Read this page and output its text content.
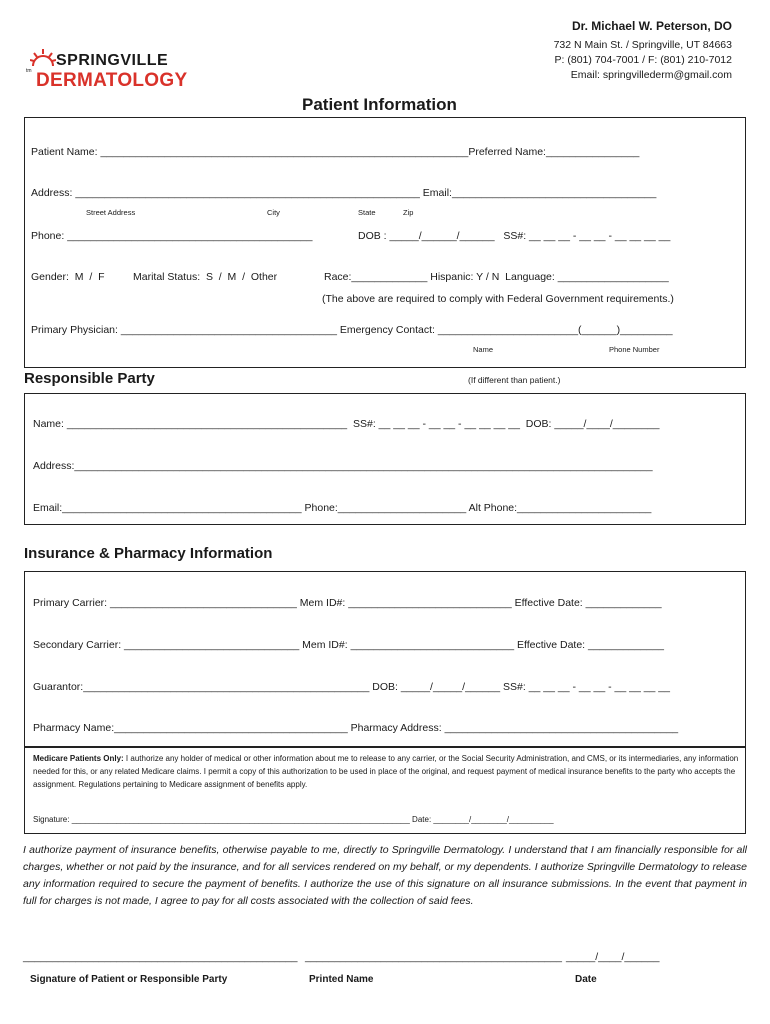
tm

SPRINGVILLE

DERMATOLOGY

Dr. Michael W. Peterson, DO
732 N Main St. / Springville, UT 84663
P: (801) 704-7001 / F: (801) 210-7012
Email: springvillederm@gmail.com
Patient Information
Patient Name: _______________________________________________________________Preferred Name:________________
Address: ___________________________________________________________ Email:___________________________________
Street Address	City	State	Zip
Phone: __________________________________________	DOB : _____/______/______   SS#: __ __ __ - __ __ - __ __ __ __
Gender:  M  /  F	Marital Status:  S  /  M  /  Other	Race:_____________ Hispanic: Y / N  Language: ___________________
(The above are required to comply with Federal Government requirements.)
Primary Physician: _____________________________________ Emergency Contact: ________________________(______)_________
Name	Phone Number
Responsible Party	(If different than patient.)
Name: ________________________________________________  SS#: __ __ __ - __ __ - __ __ __ __  DOB: _____/____/________
Address:___________________________________________________________________________________________________
Email:_________________________________________ Phone:______________________ Alt Phone:_______________________
Insurance & Pharmacy Information
Primary Carrier: ________________________________ Mem ID#: ____________________________ Effective Date: _____________
Secondary Carrier: ______________________________ Mem ID#: ____________________________ Effective Date: _____________
Guarantor:_________________________________________________ DOB: _____/_____/______ SS#: __ __ __ - __ __ - __ __ __ __
Pharmacy Name:________________________________________ Pharmacy Address: ________________________________________
Medicare Patients Only: I authorize any holder of medical or other information about me to release to any carrier, or the Social Security Administration, and CMS, or its intermediaries, any information needed for this, or any related Medicare claims. I permit a copy of this authorization to be used in place of the original, and request payment of medical insurance benefits to the party who accepts the assignment. Regulations pertaining to Medicare assignment of benefits apply.
Signature: ____________________________________________________________________________ Date: ________/________/__________
I authorize payment of insurance benefits, otherwise payable to me, directly to Springville Dermatology. I understand that I am financially responsible for all charges, whether or not paid by the insurance, and for all services rendered on my behalf, or my dependents. I authorize Springville Dermatology to release any information required to secure the payment of benefits. I authorize the use of this signature on all insurance submissions. In the event that payment in full for charges is not made, I agree to pay for all costs associated with the collection of said fees.
_______________________________________________ ____________________________________________ _____/____/______
Signature of Patient or Responsible Party	Printed Name	Date
